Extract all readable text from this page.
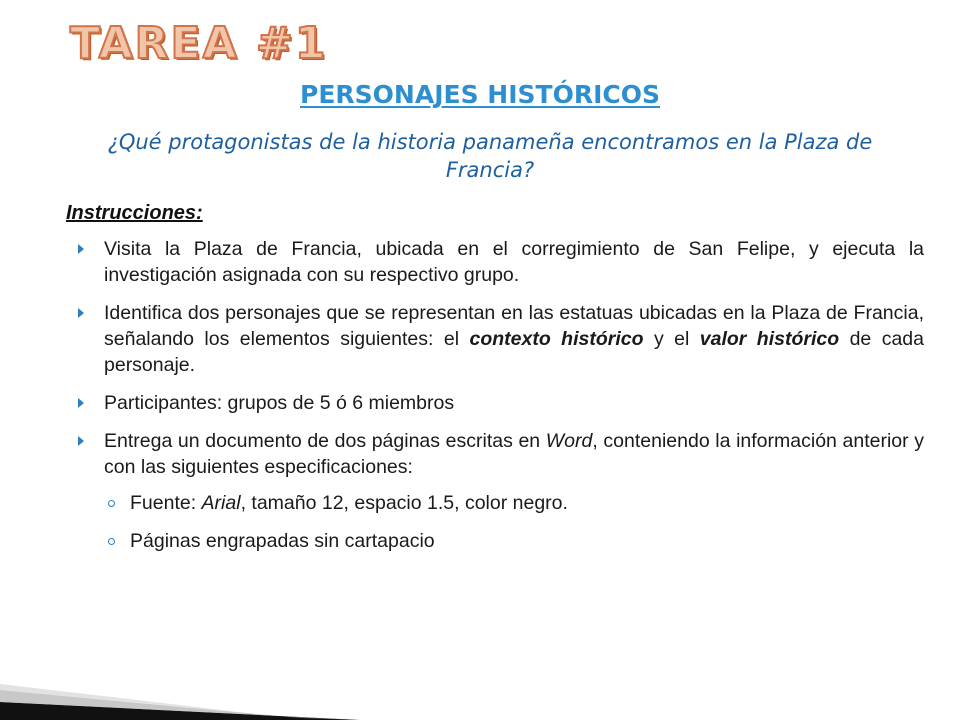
TAREA #1
PERSONAJES HISTÓRICOS

¿Qué protagonistas de la historia panameña encontramos en la Plaza de Francia?

Instrucciones:

Visita la Plaza de Francia, ubicada en el corregimiento de San Felipe, y ejecuta la investigación asignada con su respectivo grupo.
Identifica dos personajes que se representan en las estatuas ubicadas en la Plaza de Francia, señalando los elementos siguientes: el contexto histórico y el valor histórico de cada personaje.
Participantes: grupos de 5 ó 6 miembros
Entrega un documento de dos páginas escritas en Word, conteniendo la información anterior y con las siguientes especificaciones:
Fuente: Arial, tamaño 12, espacio 1.5, color negro.
Páginas engrapadas sin cartapacio
